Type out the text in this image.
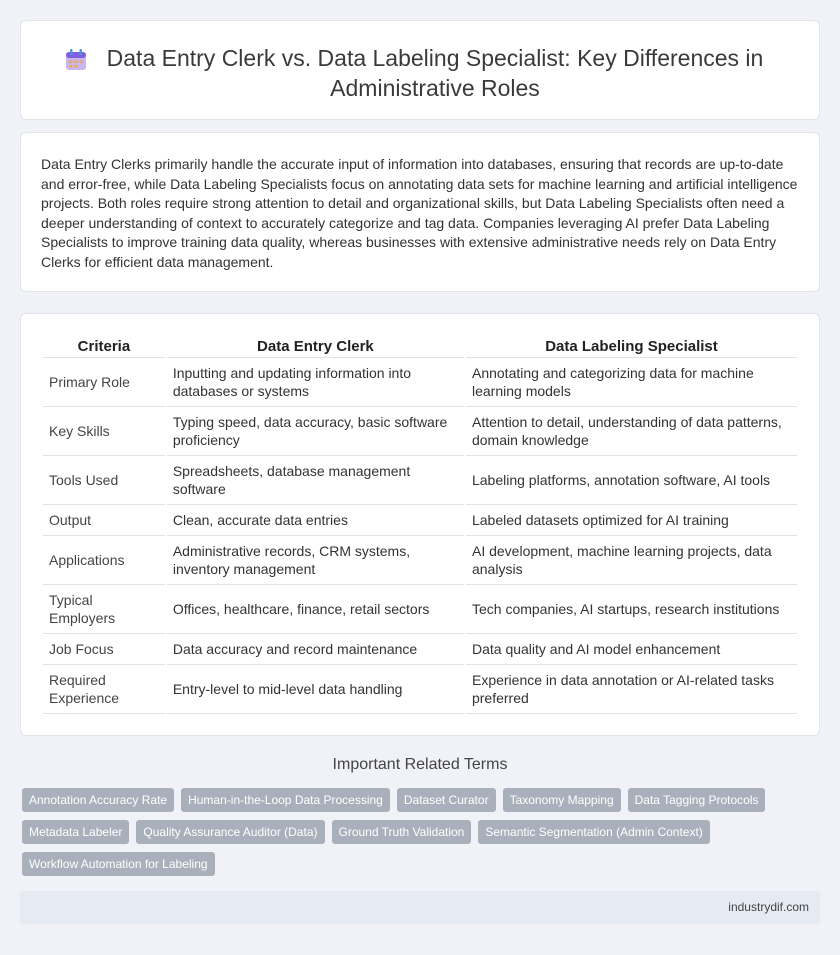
Data Entry Clerk vs. Data Labeling Specialist: Key Differences in Administrative Roles

Data Entry Clerks primarily handle the accurate input of information into databases, ensuring that records are up-to-date and error-free, while Data Labeling Specialists focus on annotating data sets for machine learning and artificial intelligence projects. Both roles require strong attention to detail and organizational skills, but Data Labeling Specialists often need a deeper understanding of context to accurately categorize and tag data. Companies leveraging AI prefer Data Labeling Specialists to improve training data quality, whereas businesses with extensive administrative needs rely on Data Entry Clerks for efficient data management.

Criteria	Data Entry Clerk	Data Labeling Specialist
Primary Role	Inputting and updating information into databases or systems	Annotating and categorizing data for machine learning models
Key Skills	Typing speed, data accuracy, basic software proficiency	Attention to detail, understanding of data patterns, domain knowledge
Tools Used	Spreadsheets, database management software	Labeling platforms, annotation software, AI tools
Output	Clean, accurate data entries	Labeled datasets optimized for AI training
Applications	Administrative records, CRM systems, inventory management	AI development, machine learning projects, data analysis
Typical Employers	Offices, healthcare, finance, retail sectors	Tech companies, AI startups, research institutions
Job Focus	Data accuracy and record maintenance	Data quality and AI model enhancement
Required Experience	Entry-level to mid-level data handling	Experience in data annotation or AI-related tasks preferred
Important Related Terms
Annotation Accuracy Rate	Human-in-the-Loop Data Processing	Dataset Curator	Taxonomy Mapping	Data Tagging Protocols
Metadata Labeler	Quality Assurance Auditor (Data)	Ground Truth Validation	Semantic Segmentation (Admin Context)
Workflow Automation for Labeling
industrydif.com
